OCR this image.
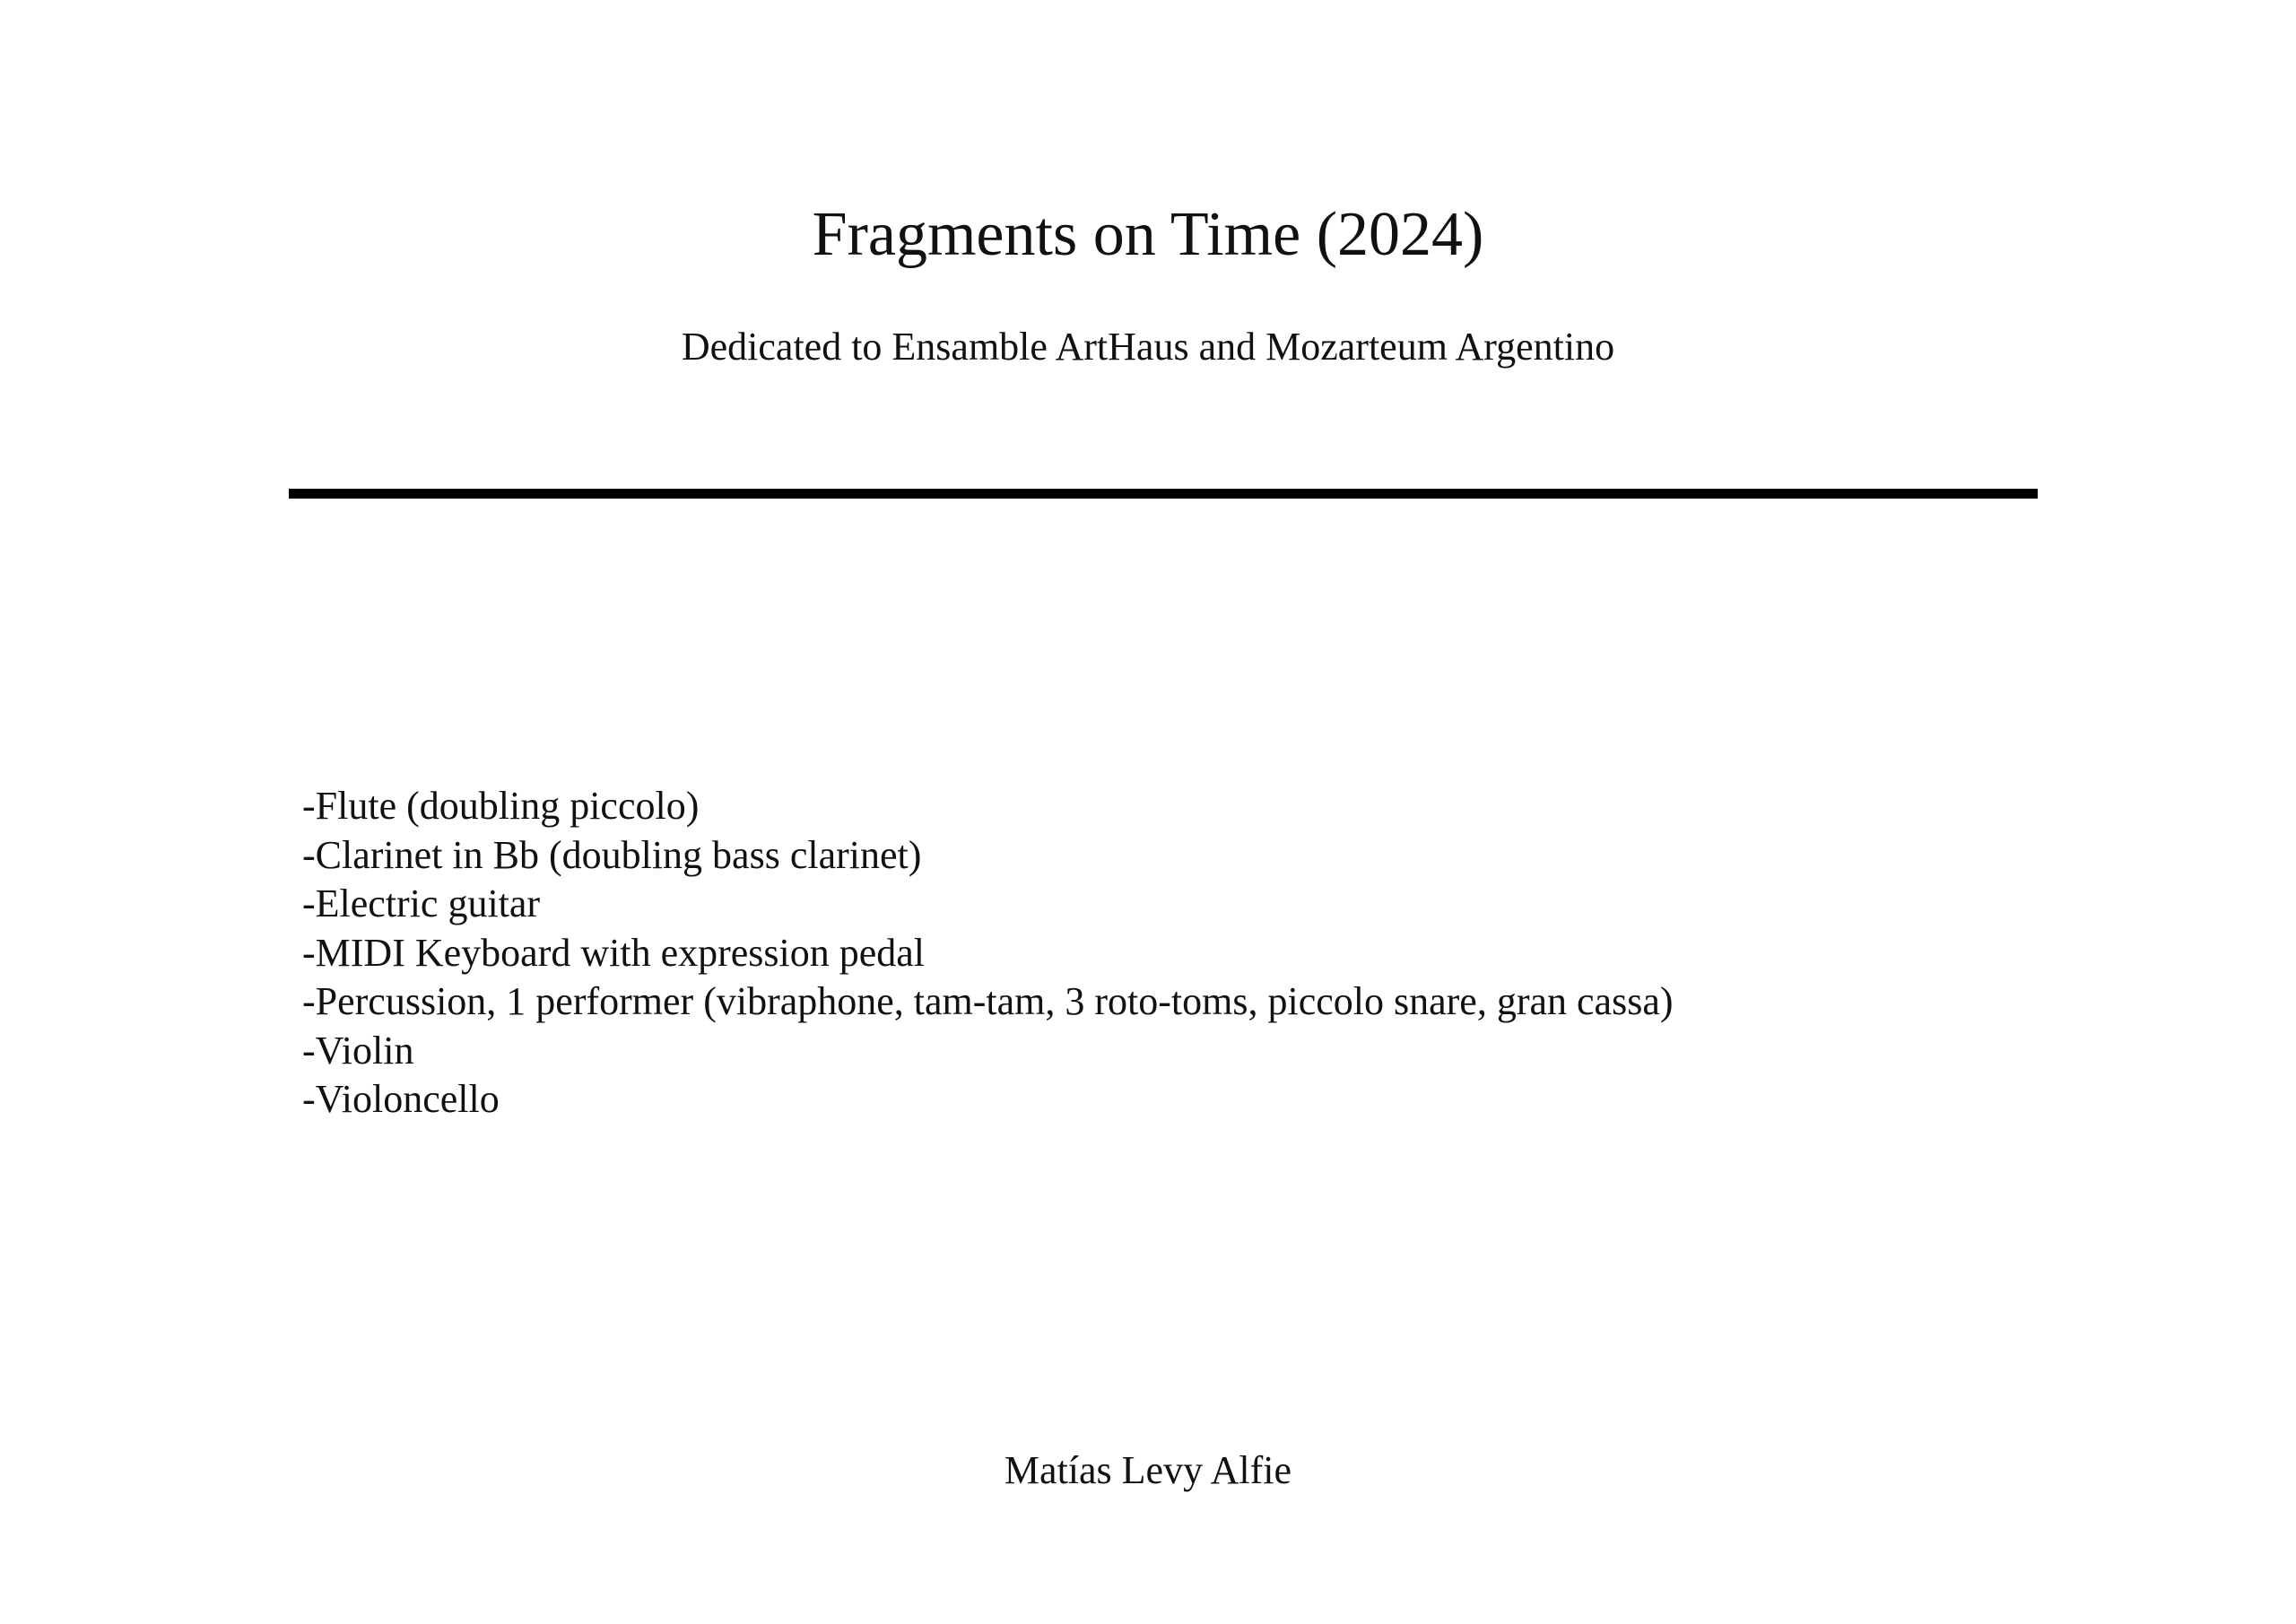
Fragments on Time (2024)

Dedicated to Ensamble ArtHaus and Mozarteum Argentino

-Flute (doubling piccolo)
-Clarinet in Bb (doubling bass clarinet)
-Electric guitar
-MIDI Keyboard with expression pedal
-Percussion, 1 performer (vibraphone, tam-tam, 3 roto-toms, piccolo snare, gran cassa)
-Violin
-Violoncello

Matías Levy Alfie
